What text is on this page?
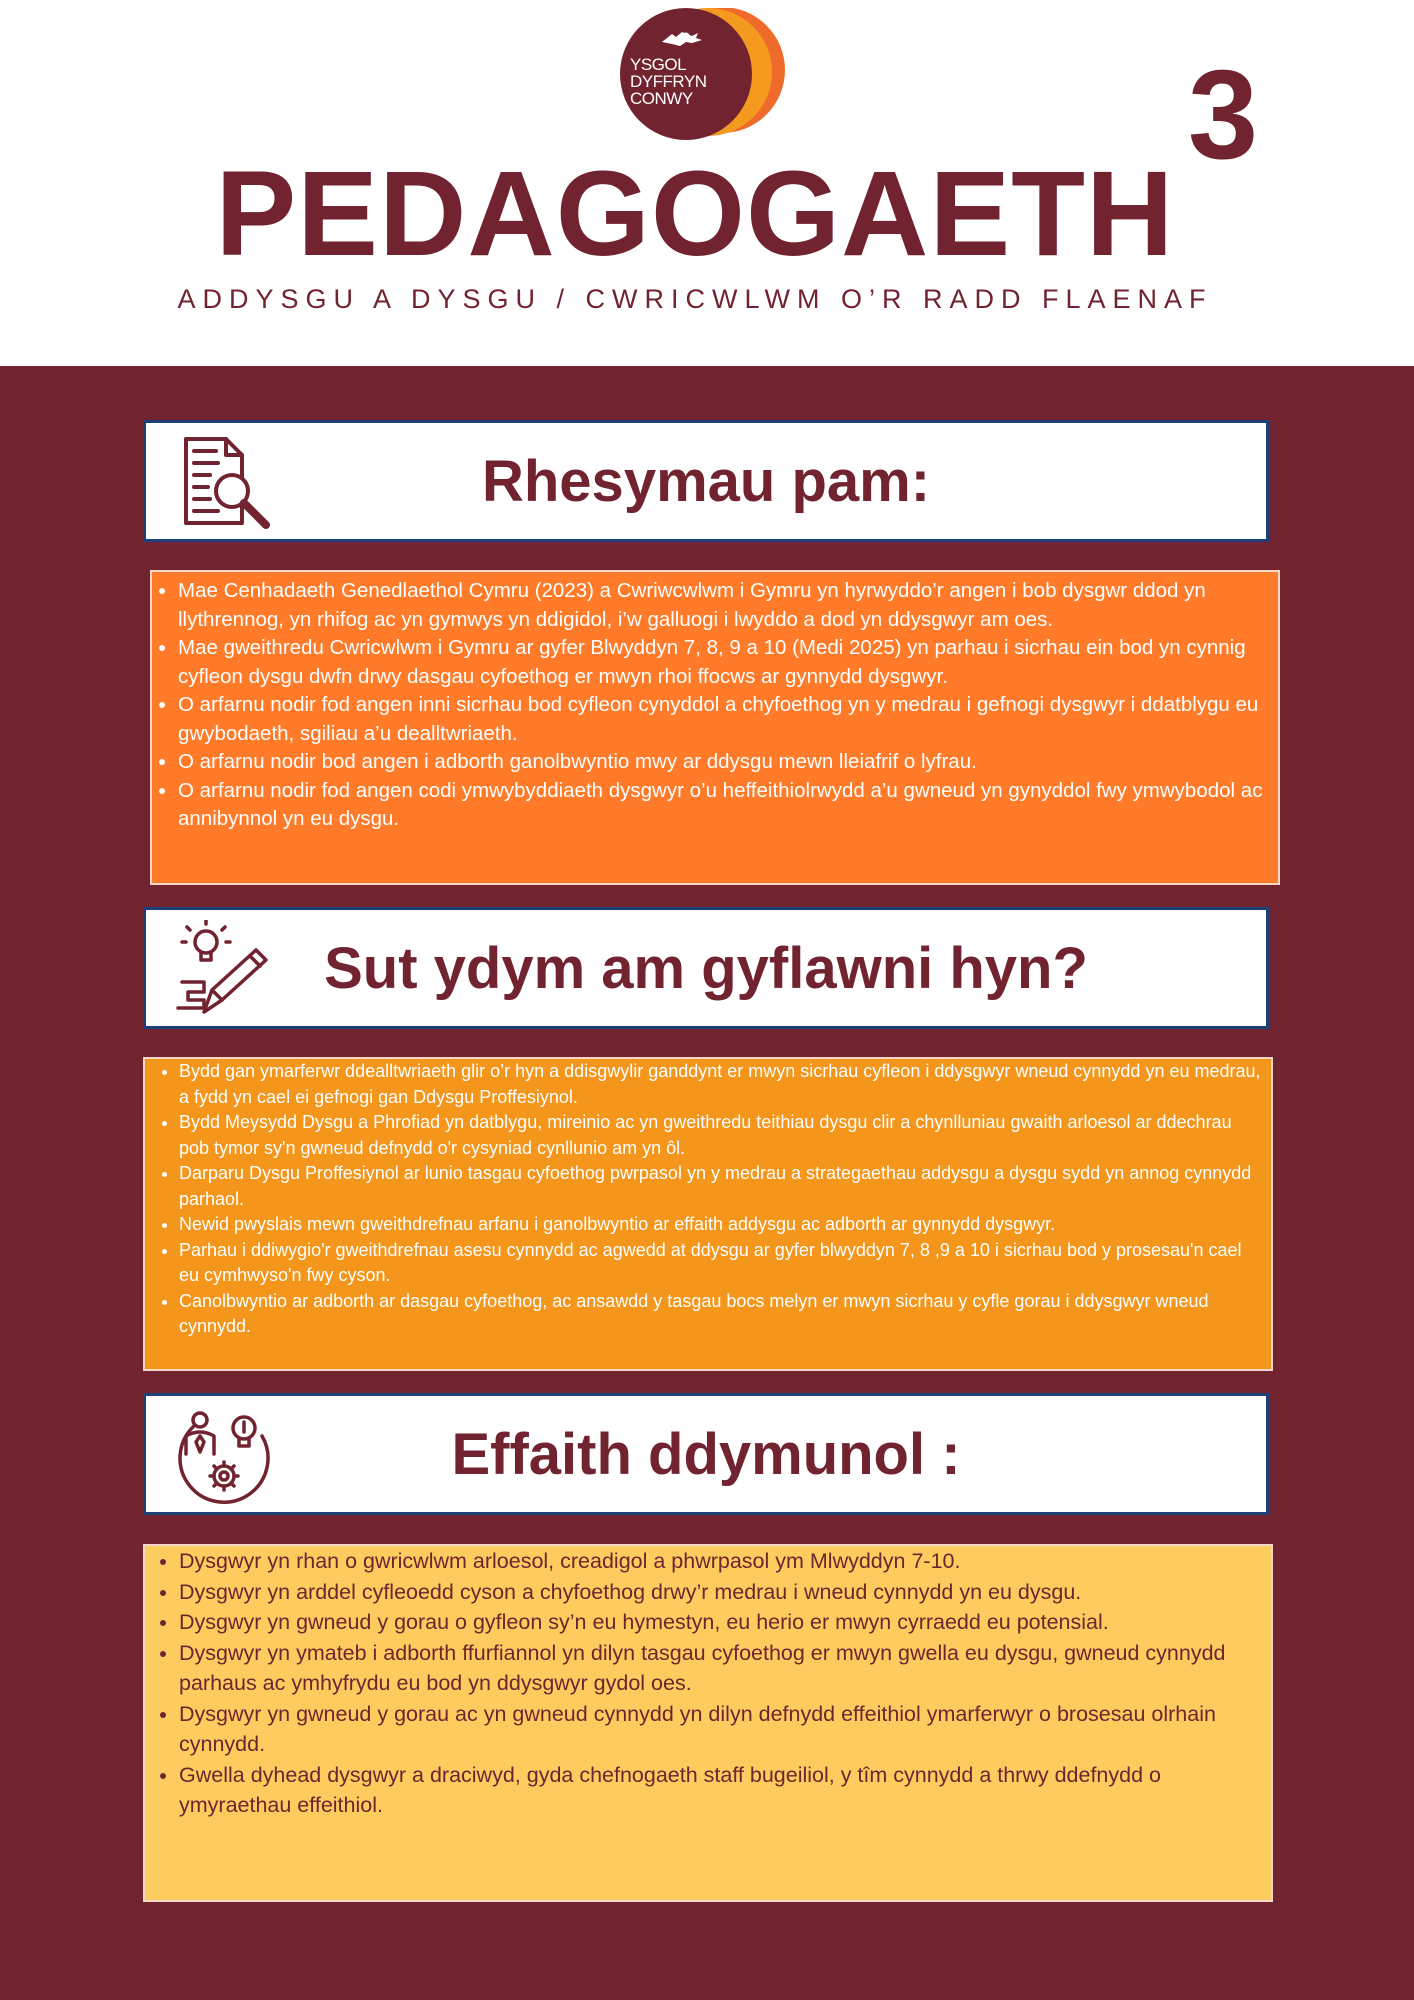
YSGOL
DYFFRYN
CONWY
PEDAGOGAETH
3
ADDYSGU A DYSGU / CWRICWLWM O’R RADD FLAENAF
Rhesymau pam:
• Mae Cenhadaeth Genedlaethol Cymru (2023) a Cwriwcwlwm i Gymru yn hyrwyddo’r angen i bob dysgwr ddod yn llythrennog, yn rhifog ac yn gymwys yn ddigidol, i’w galluogi i lwyddo a dod yn ddysgwyr am oes.
• Mae gweithredu Cwricwlwm i Gymru ar gyfer Blwyddyn 7, 8, 9 a 10 (Medi 2025) yn parhau i sicrhau ein bod yn cynnig cyfleon dysgu dwfn drwy dasgau cyfoethog er mwyn rhoi ffocws ar gynnydd dysgwyr.
• O arfarnu nodir fod angen inni sicrhau bod cyfleon cynyddol a chyfoethog yn y medrau i gefnogi dysgwyr i ddatblygu eu gwybodaeth, sgiliau a’u dealltwriaeth.
• O arfarnu nodir bod angen i adborth ganolbwyntio mwy ar ddysgu mewn lleiafrif o lyfrau.
• O arfarnu nodir fod angen codi ymwybyddiaeth dysgwyr o’u heffeithiolrwydd a’u gwneud yn gynyddol fwy ymwybodol ac annibynnol yn eu dysgu.
Sut ydym am gyflawni hyn?
• Bydd gan ymarferwr ddealltwriaeth glir o’r hyn a ddisgwylir ganddynt er mwyn sicrhau cyfleon i ddysgwyr wneud cynnydd yn eu medrau, a fydd yn cael ei gefnogi gan Ddysgu Proffesiynol.
• Bydd Meysydd Dysgu a Phrofiad yn datblygu, mireinio ac yn gweithredu teithiau dysgu clir a chynlluniau gwaith arloesol ar ddechrau pob tymor sy'n gwneud defnydd o'r cysyniad cynllunio am yn ôl.
• Darparu Dysgu Proffesiynol ar lunio tasgau cyfoethog pwrpasol yn y medrau a strategaethau addysgu a dysgu sydd yn annog cynnydd parhaol.
• Newid pwyslais mewn gweithdrefnau arfanu i ganolbwyntio ar effaith addysgu ac adborth ar gynnydd dysgwyr.
• Parhau i ddiwygio'r gweithdrefnau asesu cynnydd ac agwedd at ddysgu ar gyfer blwyddyn 7, 8 ,9 a 10 i sicrhau bod y prosesau'n cael eu cymhwyso'n fwy cyson.
• Canolbwyntio ar adborth ar dasgau cyfoethog, ac ansawdd y tasgau bocs melyn er mwyn sicrhau y cyfle gorau i ddysgwyr wneud cynnydd.
Effaith ddymunol :
• Dysgwyr yn rhan o gwricwlwm arloesol, creadigol a phwrpasol ym Mlwyddyn 7-10.
• Dysgwyr yn arddel cyfleoedd cyson a chyfoethog drwy’r medrau i wneud cynnydd yn eu dysgu.
• Dysgwyr yn gwneud y gorau o gyfleon sy’n eu hymestyn, eu herio er mwyn cyrraedd eu potensial.
• Dysgwyr yn ymateb i adborth ffurfiannol yn dilyn tasgau cyfoethog er mwyn gwella eu dysgu, gwneud cynnydd parhaus ac ymhyfrydu eu bod yn ddysgwyr gydol oes.
• Dysgwyr yn gwneud y gorau ac yn gwneud cynnydd yn dilyn defnydd effeithiol ymarferwyr o brosesau olrhain cynnydd.
• Gwella dyhead dysgwyr a draciwyd, gyda chefnogaeth staff bugeiliol, y tîm cynnydd a thrwy ddefnydd o ymyraethau effeithiol.
